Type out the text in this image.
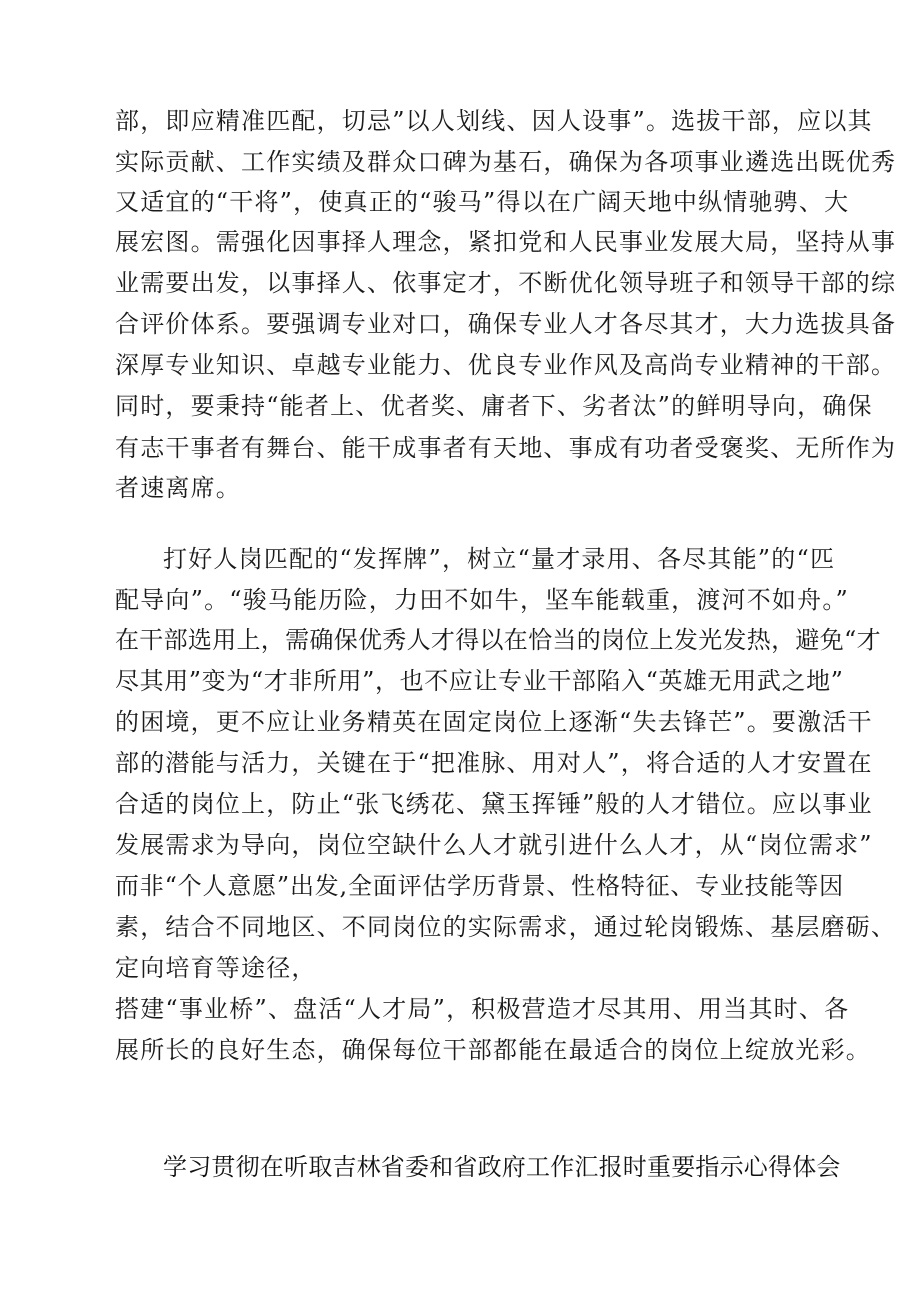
部，即应精准匹配，切忌”以人划线、因人设事”。选拔干部，应以其
实际贡献、工作实绩及群众口碑为基石，确保为各项事业遴选出既优秀
又适宜的“干将”，使真正的“骏马”得以在广阔天地中纵情驰骋、大
展宏图。需强化因事择人理念，紧扣党和人民事业发展大局，坚持从事
业需要出发，以事择人、依事定才，不断优化领导班子和领导干部的综
合评价体系。要强调专业对口，确保专业人才各尽其才，大力选拔具备
深厚专业知识、卓越专业能力、优良专业作风及高尚专业精神的干部。
同时，要秉持“能者上、优者奖、庸者下、劣者汰”的鲜明导向，确保
有志干事者有舞台、能干成事者有天地、事成有功者受褒奖、无所作为
者速离席。
打好人岗匹配的“发挥牌”，树立“量才录用、各尽其能”的“匹
配导向”。“骏马能历险，力田不如牛，坚车能载重，渡河不如舟。”
在干部选用上，需确保优秀人才得以在恰当的岗位上发光发热，避免“才
尽其用”变为“才非所用”，也不应让专业干部陷入“英雄无用武之地”
的困境，更不应让业务精英在固定岗位上逐渐“失去锋芒”。要激活干
部的潜能与活力，关键在于“把准脉、用对人”，将合适的人才安置在
合适的岗位上，防止“张飞绣花、黛玉挥锤”般的人才错位。应以事业
发展需求为导向，岗位空缺什么人才就引进什么人才，从“岗位需求”
而非“个人意愿”出发,全面评估学历背景、性格特征、专业技能等因
素，结合不同地区、不同岗位的实际需求，通过轮岗锻炼、基层磨砺、
定向培育等途径，
搭建“事业桥”、盘活“人才局”，积极营造才尽其用、用当其时、各
展所长的良好生态，确保每位干部都能在最适合的岗位上绽放光彩。
学习贯彻在听取吉林省委和省政府工作汇报时重要指示心得体会
